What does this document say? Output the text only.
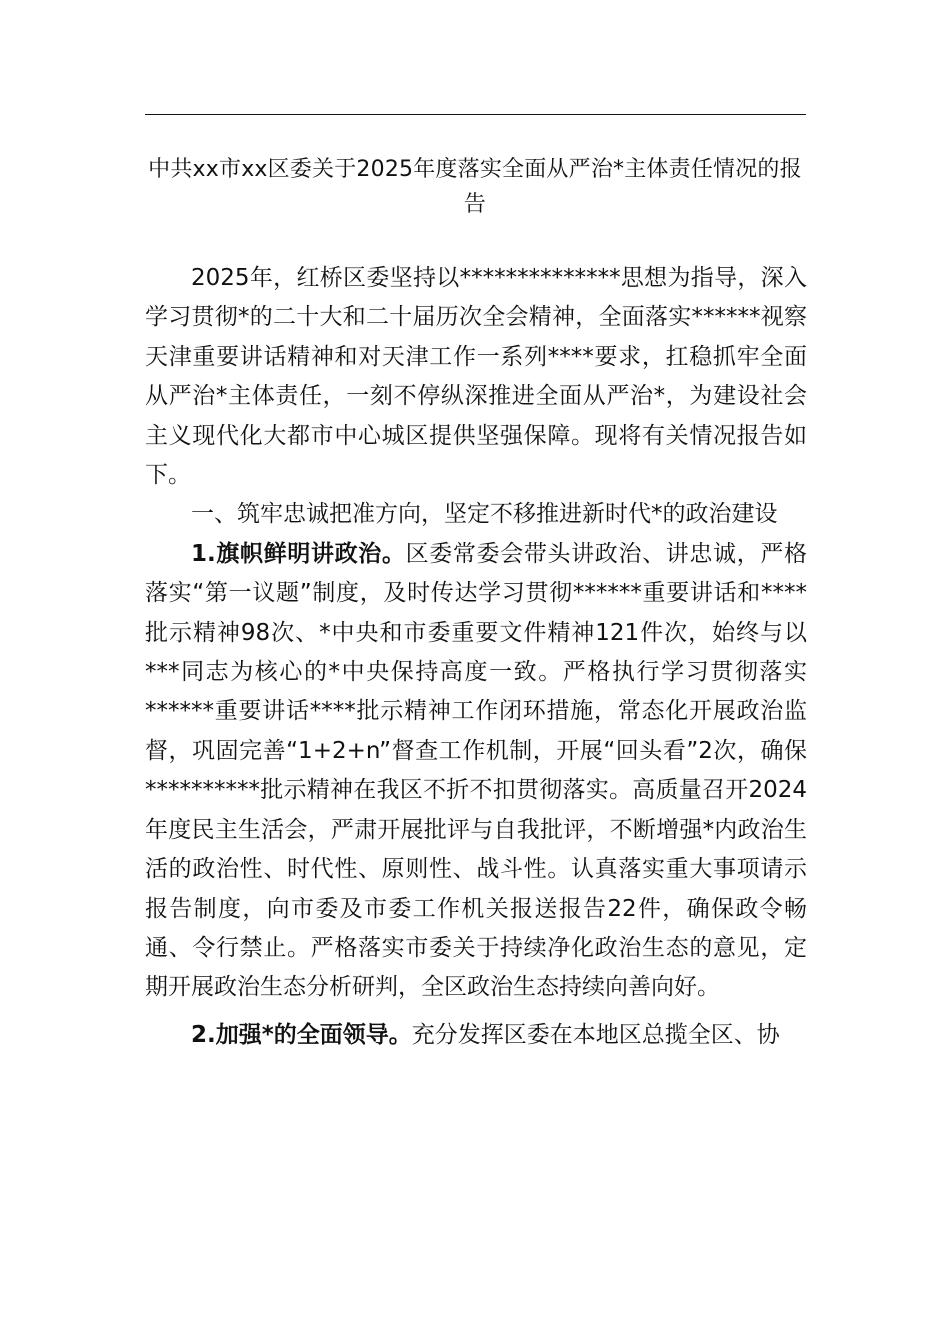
中共xx市xx区委关于2025年度落实全面从严治*主体责任情况的报告

2025年，红桥区委坚持以**************思想为指导，深入学习贯彻*的二十大和二十届历次全会精神，全面落实******视察天津重要讲话精神和对天津工作一系列****要求，扛稳抓牢全面从严治*主体责任，一刻不停纵深推进全面从严治*，为建设社会主义现代化大都市中心城区提供坚强保障。现将有关情况报告如下。

一、筑牢忠诚把准方向，坚定不移推进新时代*的政治建设

1.旗帜鲜明讲政治。区委常委会带头讲政治、讲忠诚，严格落实“第一议题”制度，及时传达学习贯彻******重要讲话和****批示精神98次、*中央和市委重要文件精神121件次，始终与以***同志为核心的*中央保持高度一致。严格执行学习贯彻落实******重要讲话****批示精神工作闭环措施，常态化开展政治监督，巩固完善“1+2+n”督查工作机制，开展“回头看”2次，确保**********批示精神在我区不折不扣贯彻落实。高质量召开2024年度民主生活会，严肃开展批评与自我批评，不断增强*内政治生活的政治性、时代性、原则性、战斗性。认真落实重大事项请示报告制度，向市委及市委工作机关报送报告22件，确保政令畅通、令行禁止。严格落实市委关于持续净化政治生态的意见，定期开展政治生态分析研判，全区政治生态持续向善向好。

2.加强*的全面领导。充分发挥区委在本地区总揽全区、协
